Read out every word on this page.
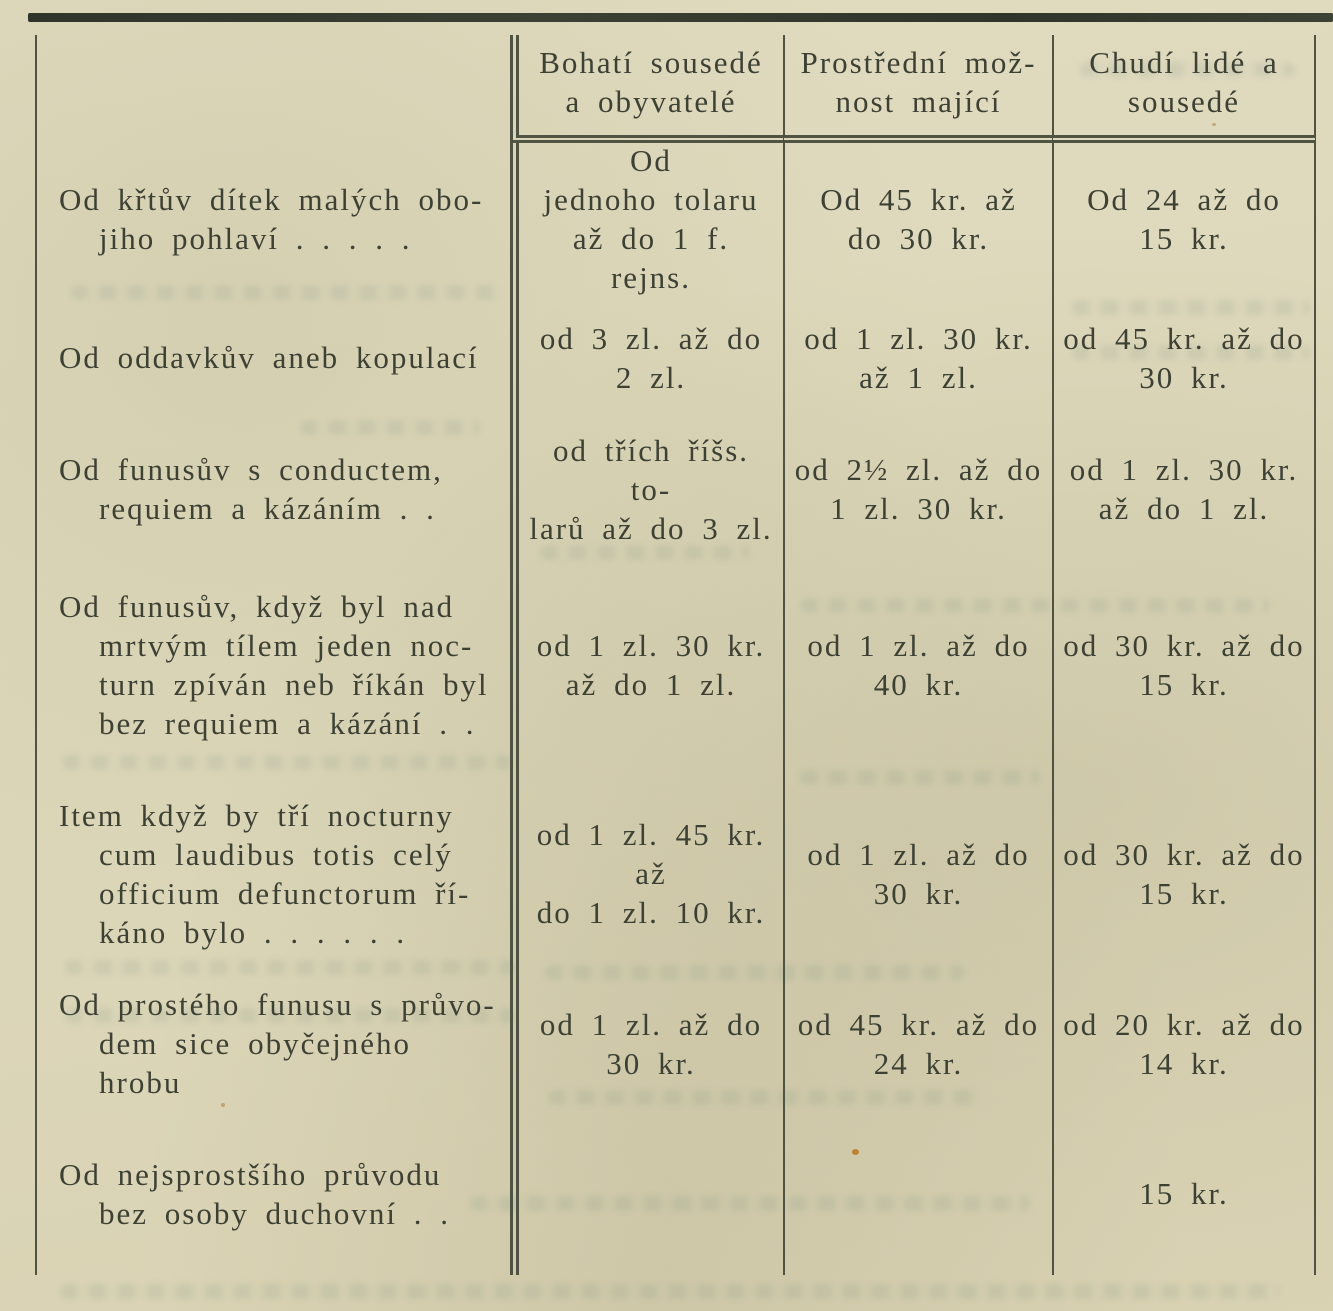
Bohatí sousedé
a obyvatelé
Prostřední mož-
nost mající
Chudí lidé a
sousedé
Od křtův dítek malých obo-
jiho pohlaví . . . . .
Od
jednoho tolaru
až do 1 f. rejns.
Od 45 kr. až
do 30 kr.
Od 24 až do
15 kr.
Od oddavkův aneb kopulací
od 3 zl. až do
2 zl.
od 1 zl. 30 kr.
až 1 zl.
od 45 kr. až do
30 kr.
Od funusův s conductem,
requiem a kázáním . .
od třích říšs. to-
larů až do 3 zl.
od 2½ zl. až do
1 zl. 30 kr.
od 1 zl. 30 kr.
až do 1 zl.
Od funusův, když byl nad
mrtvým tílem jeden noc-
turn zpíván neb říkán byl
bez requiem a kázání . .
od 1 zl. 30 kr.
až do 1 zl.
od 1 zl. až do
40 kr.
od 30 kr. až do
15 kr.
Item když by tří nocturny
cum laudibus totis celý
officium defunctorum ří-
káno bylo . . . . . .
od 1 zl. 45 kr.
až
do 1 zl. 10 kr.
od 1 zl. až do
30 kr.
od 30 kr. až do
15 kr.
Od prostého funusu s průvo-
dem sice obyčejného hrobu
od 1 zl. až do
30 kr.
od 45 kr. až do
24 kr.
od 20 kr. až do
14 kr.
Od nejsprostšího průvodu
bez osoby duchovní . .
15 kr.
